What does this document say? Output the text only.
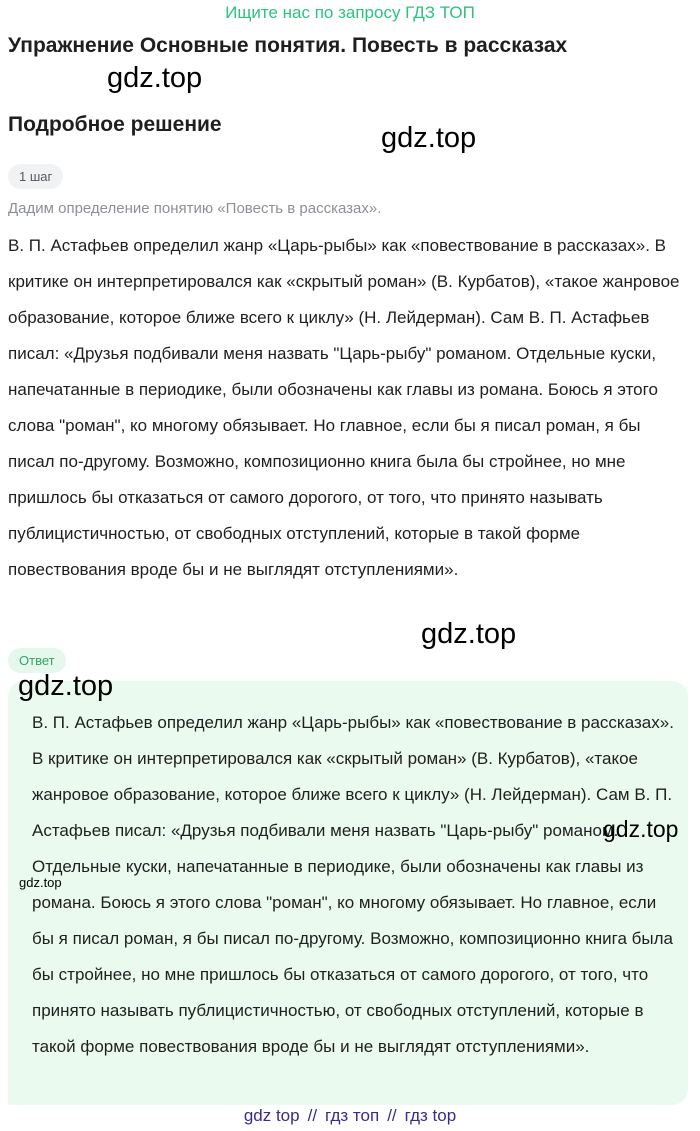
Ищите нас по запросу ГДЗ ТОП
Упражнение Основные понятия. Повесть в рассказах
gdz.top
Подробное решение	gdz.top
1 шаг
Дадим определение понятию «Повесть в рассказах».
В. П. Астафьев определил жанр «Царь-рыбы» как «повествование в рассказах». В критике он интерпретировался как «скрытый роман» (В. Курбатов), «такое жанровое образование, которое ближе всего к циклу» (Н. Лейдерман). Сам В. П. Астафьев писал: «Друзья подбивали меня назвать "Царь-рыбу" романом. Отдельные куски, напечатанные в периодике, были обозначены как главы из романа. Боюсь я этого слова "роман", ко многому обязывает. Но главное, если бы я писал роман, я бы писал по-другому. Возможно, композиционно книга была бы стройнее, но мне пришлось бы отказаться от самого дорогого, от того, что принято называть публицистичностью, от свободных отступлений, которые в такой форме повествования вроде бы и не выглядят отступлениями».
gdz.top
Ответ
gdz.top
В. П. Астафьев определил жанр «Царь-рыбы» как «повествование в рассказах». В критике он интерпретировался как «скрытый роман» (В. Курбатов), «такое жанровое образование, которое ближе всего к циклу» (Н. Лейдерман). Сам В. П. Астафьев писал: «Друзья подбивали меня назвать "Царь-рыбу" романом. Отдельные куски, напечатанные в периодике, были обозначены как главы из романа. Боюсь я этого слова "роман", ко многому обязывает. Но главное, если бы я писал роман, я бы писал по-другому. Возможно, композиционно книга была бы стройнее, но мне пришлось бы отказаться от самого дорогого, от того, что принято называть публицистичностью, от свободных отступлений, которые в такой форме повествования вроде бы и не выглядят отступлениями».
gdz.top
gdz.top
gdz top // гдз топ // гдз top
